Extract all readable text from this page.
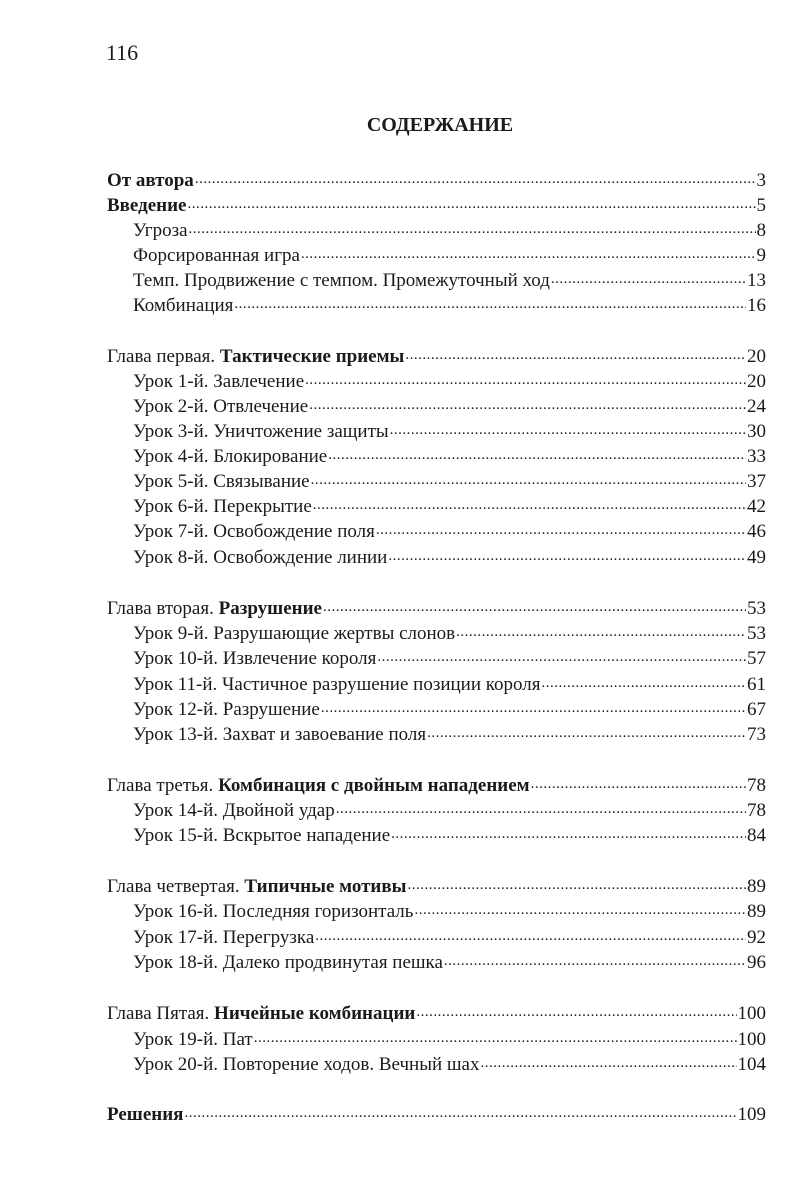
116
СОДЕРЖАНИЕ
От автора .....	3
Введение .....	5
Угроза .....	8
Форсированная игра .....	9
Темп. Продвижение с темпом. Промежуточный ход .....	13
Комбинация .....	16
Глава первая. Тактические приемы .....	20
Урок 1-й. Завлечение .....	20
Урок 2-й. Отвлечение .....	24
Урок 3-й. Уничтожение защиты .....	30
Урок 4-й. Блокирование .....	33
Урок 5-й. Связывание .....	37
Урок 6-й. Перекрытие .....	42
Урок 7-й. Освобождение поля .....	46
Урок 8-й. Освобождение линии .....	49
Глава вторая. Разрушение .....	53
Урок 9-й. Разрушающие жертвы слонов .....	53
Урок 10-й. Извлечение короля .....	57
Урок 11-й. Частичное разрушение позиции короля .....	61
Урок 12-й. Разрушение .....	67
Урок 13-й. Захват и завоевание поля .....	73
Глава третья. Комбинация с двойным нападением .....	78
Урок 14-й. Двойной удар .....	78
Урок 15-й. Вскрытое нападение .....	84
Глава четвертая. Типичные мотивы .....	89
Урок 16-й. Последняя горизонталь .....	89
Урок 17-й. Перегрузка .....	92
Урок 18-й. Далеко продвинутая пешка .....	96
Глава Пятая. Ничейные комбинации .....	100
Урок 19-й. Пат .....	100
Урок 20-й. Повторение ходов. Вечный шах .....	104
Решения .....	109
